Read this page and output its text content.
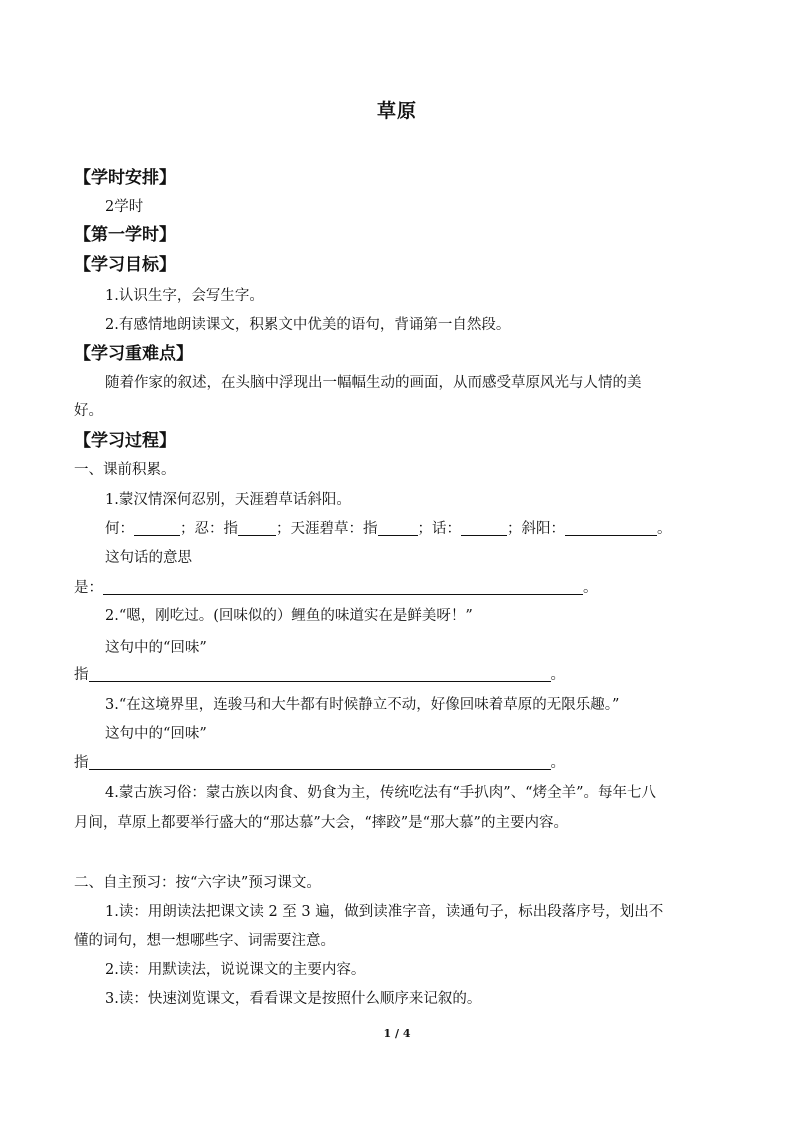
草原
【学时安排】
2学时
【第一学时】
【学习目标】
1.认识生字，会写生字。
2.有感情地朗读课文，积累文中优美的语句，背诵第一自然段。
【学习重难点】
随着作家的叙述，在头脑中浮现出一幅幅生动的画面，从而感受草原风光与人情的美
好。
【学习过程】
一、课前积累。
1.蒙汉情深何忍别，天涯碧草话斜阳。
何：	；忍：指	；天涯碧草：指	；话：	；斜阳：	。
这句话的意思
是：	。
2.“嗯，刚吃过。(回味似的）鲤鱼的味道实在是鲜美呀！”
这句中的“回味”
指	。
3.“在这境界里，连骏马和大牛都有时候静立不动，好像回味着草原的无限乐趣。”
这句中的“回味”
指	。
4.蒙古族习俗：蒙古族以肉食、奶食为主，传统吃法有“手扒肉”、“烤全羊”。每年七八
月间，草原上都要举行盛大的“那达慕”大会，“摔跤”是“那大慕”的主要内容。
二、自主预习：按“六字诀”预习课文。
1.读：用朗读法把课文读 2 至 3 遍，做到读准字音，读通句子，标出段落序号，划出不
懂的词句，想一想哪些字、词需要注意。
2.读：用默读法，说说课文的主要内容。
3.读：快速浏览课文，看看课文是按照什么顺序来记叙的。
1 / 4
